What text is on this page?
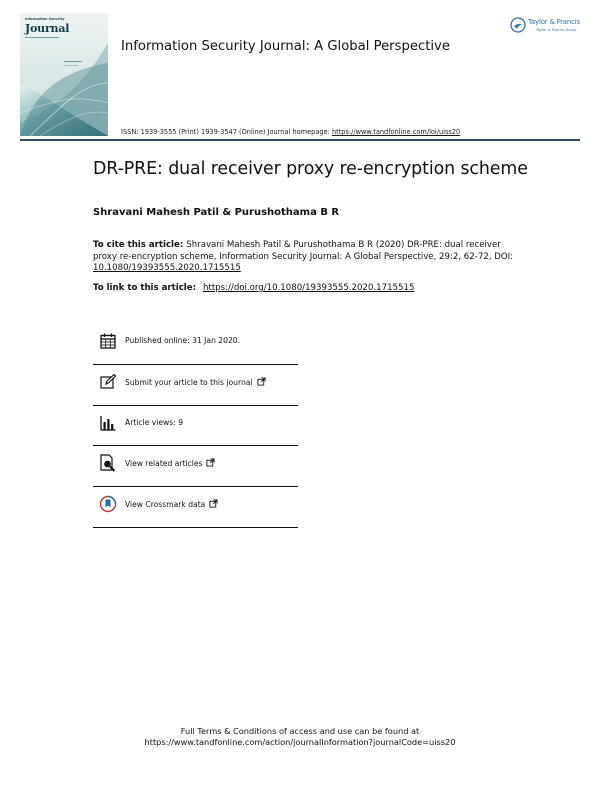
Information Security
Journal
Information Security Journal: A Global Perspective
Taylor & Francis
Taylor & Francis Group
ISSN: 1939-3555 (Print) 1939-3547 (Online) Journal homepage: https://www.tandfonline.com/loi/uiss20
DR-PRE: dual receiver proxy re-encryption scheme
Shravani Mahesh Patil & Purushothama B R
To cite this article: Shravani Mahesh Patil & Purushothama B R (2020) DR-PRE: dual receiver proxy re-encryption scheme, Information Security Journal: A Global Perspective, 29:2, 62-72, DOI: 10.1080/19393555.2020.1715515
To link to this article: https://doi.org/10.1080/19393555.2020.1715515
Published online: 31 Jan 2020.
Submit your article to this journal
Article views: 9
View related articles
View Crossmark data
Full Terms & Conditions of access and use can be found at
https://www.tandfonline.com/action/journalInformation?journalCode=uiss20
